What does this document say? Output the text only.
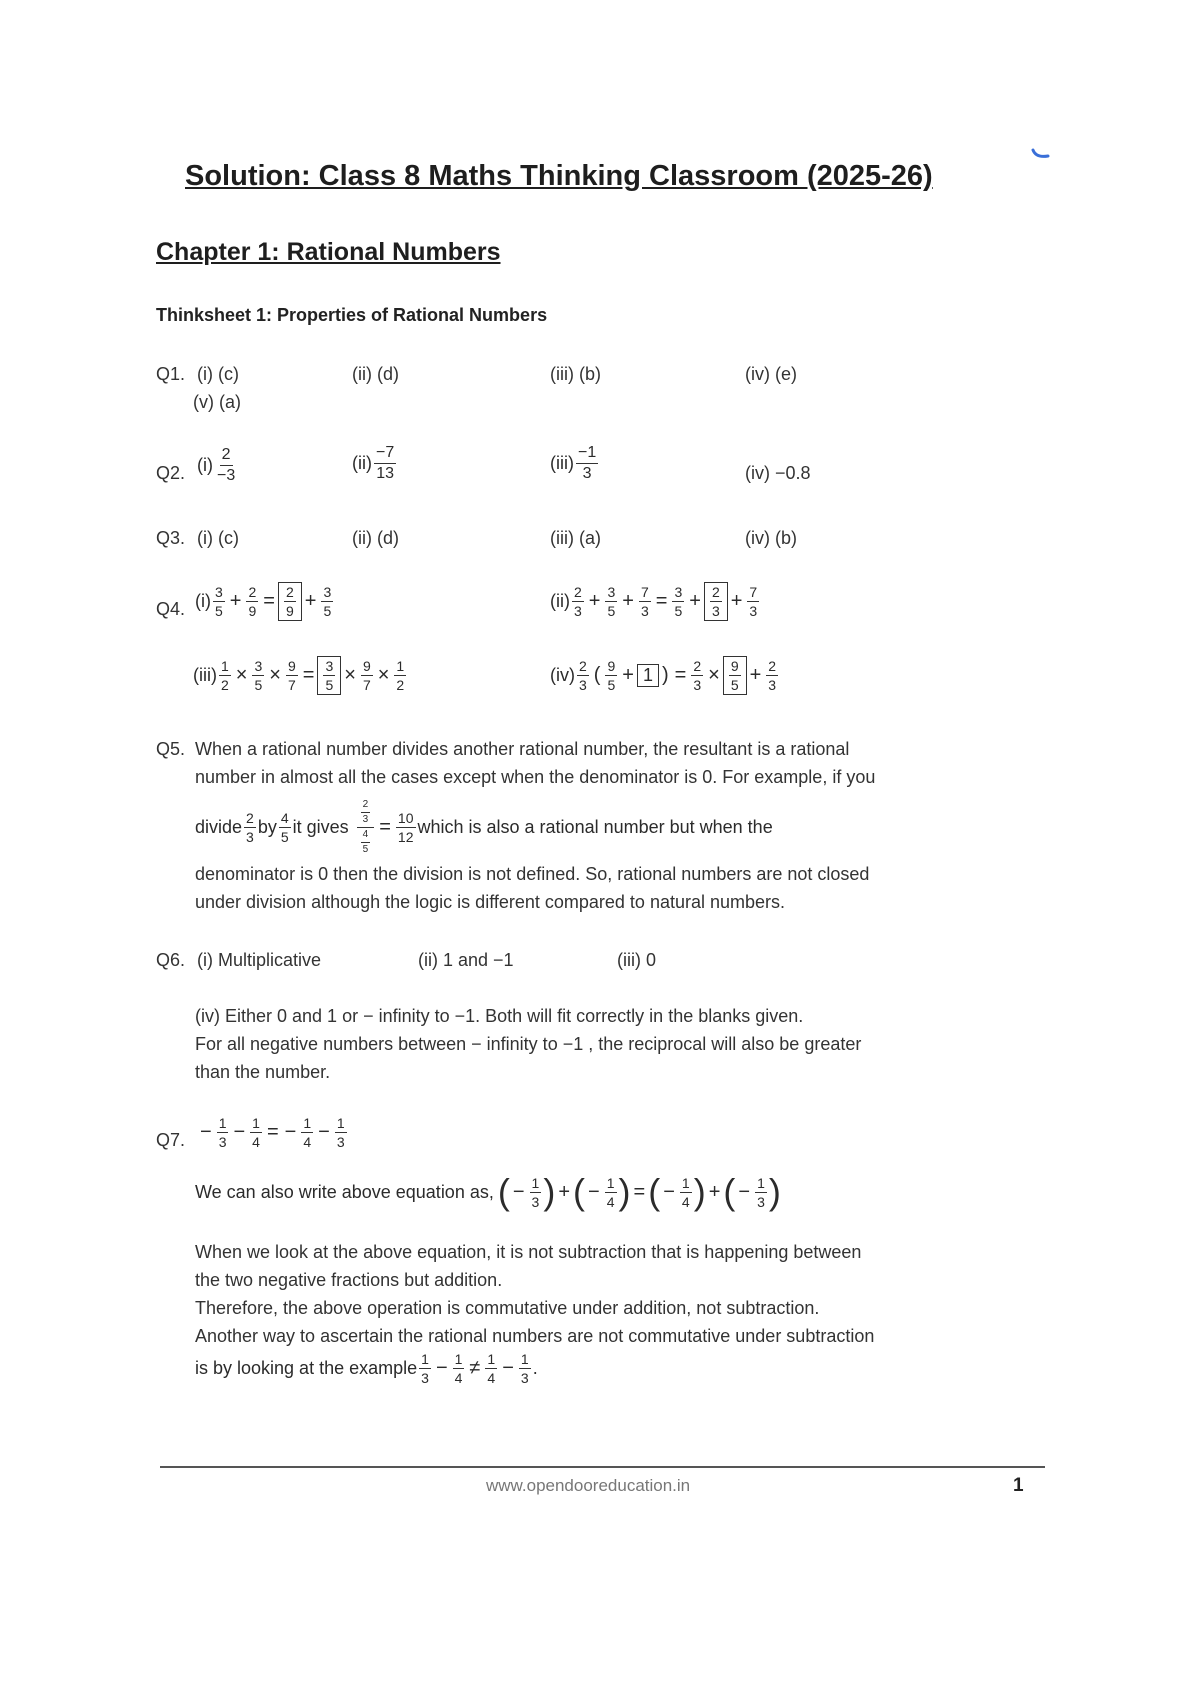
Solution: Class 8 Maths Thinking Classroom (2025-26)
Chapter 1: Rational Numbers
Thinksheet 1: Properties of Rational Numbers
Q1. (i) (c)	(ii) (d)	(iii) (b)	(iv) (e)
(v) (a)
Q2. $(i) \frac{2}{-3}$	$(ii) \frac{-7}{13}$	$(iii) \frac{-1}{3}$	(iv) −0.8
Q3. (i) (c)	(ii) (d)	(iii) (a)	(iv) (b)
Q4. $(i) \frac{3}{5} + \frac{2}{9} = \frac{2}{9} + \frac{3}{5}$	$(ii) \frac{2}{3} + \frac{3}{5} + \frac{7}{3} = \frac{3}{5} + \frac{2}{3} + \frac{7}{3}$
$(iii) \frac{1}{2} \times \frac{3}{5} \times \frac{9}{7} = \frac{3}{5} \times \frac{9}{7} \times \frac{1}{2}$	$(iv) \frac{2}{3}$ ( $\frac{9}{5} + 1$ ) = $\frac{2}{3} \times \frac{9}{5} + \frac{2}{3}$
Q5. When a rational number divides another rational number, the resultant is a rational
number in almost all the cases except when the denominator is 0. For example, if you
divide $\frac{2}{3}$ by $\frac{4}{5}$ it gives $\frac{\frac{2}{3}}{\frac{4}{5}} = \frac{10}{12}$ which is also a rational number but when the
denominator is 0 then the division is not defined. So, rational numbers are not closed
under division although the logic is different compared to natural numbers.
Q6. (i) Multiplicative	(ii) 1 and −1	(iii) 0
(iv) Either 0 and 1 or − infinity to −1. Both will fit correctly in the blanks given.
For all negative numbers between − infinity to −1 , the reciprocal will also be greater
than the number.
Q7. − $\frac{1}{3} - \frac{1}{4}$ = − $\frac{1}{4} - \frac{1}{3}$
We can also write above equation as, ( − $\frac{1}{3}$ ) + ( − $\frac{1}{4}$ ) = ( − $\frac{1}{4}$ ) + ( − $\frac{1}{3}$ )
When we look at the above equation, it is not subtraction that is happening between
the two negative fractions but addition.
Therefore, the above operation is commutative under addition, not subtraction.
Another way to ascertain the rational numbers are not commutative under subtraction
is by looking at the example $\frac{1}{3} - \frac{1}{4} \ne \frac{1}{4} - \frac{1}{3}$ .
www.opendooreducation.in	1
